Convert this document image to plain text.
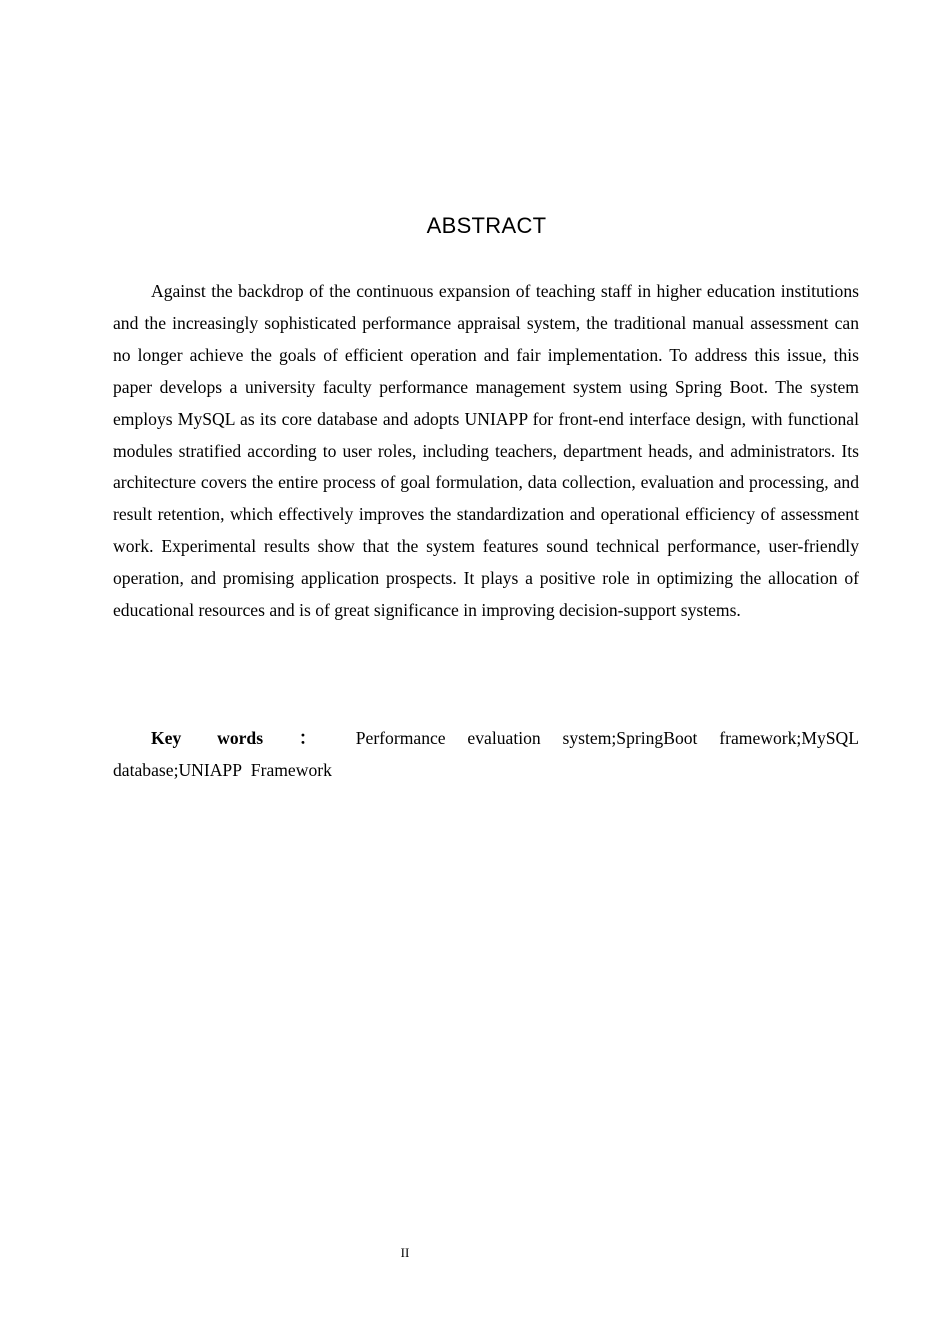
ABSTRACT

Against the backdrop of the continuous expansion of teaching staff in higher education institutions and the increasingly sophisticated performance appraisal system, the traditional manual assessment can no longer achieve the goals of efficient operation and fair implementation. To address this issue, this paper develops a university faculty performance management system using Spring Boot. The system employs MySQL as its core database and adopts UNIAPP for front-end interface design, with functional modules stratified according to user roles, including teachers, department heads, and administrators. Its architecture covers the entire process of goal formulation, data collection, evaluation and processing, and result retention, which effectively improves the standardization and operational efficiency of assessment work. Experimental results show that the system features sound technical performance, user-friendly operation, and promising application prospects. It plays a positive role in optimizing the allocation of educational resources and is of great significance in improving decision-support systems.

Key words ： Performance evaluation system;SpringBoot framework;MySQL database;UNIAPP  Framework

II
